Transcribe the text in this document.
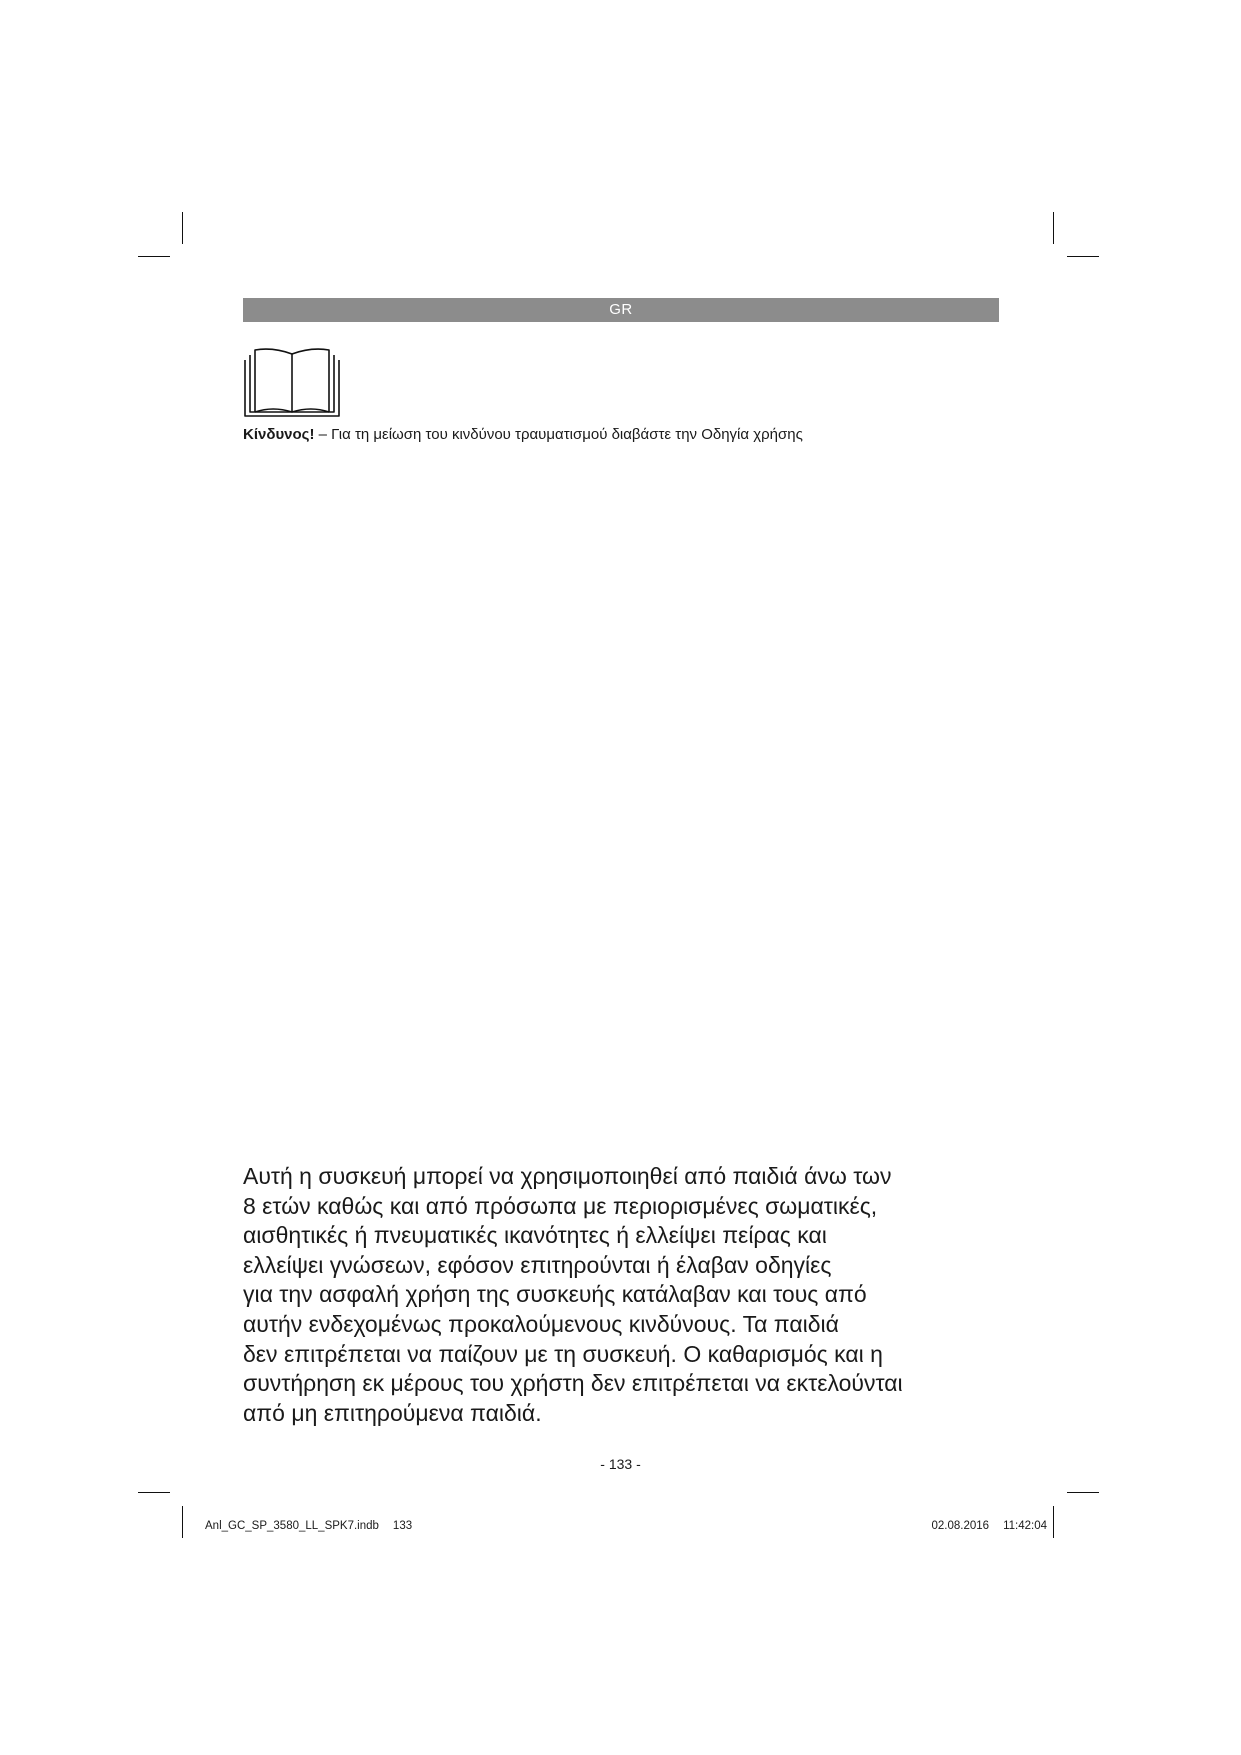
GR
Κίνδυνος! – Για τη μείωση του κινδύνου τραυματισμού διαβάστε την Οδηγία χρήσης
Αυτή η συσκευή μπορεί να χρησιμοποιηθεί από παιδιά άνω των
8 ετών καθώς και από πρόσωπα με περιορισμένες σωματικές,
αισθητικές ή πνευματικές ικανότητες ή ελλείψει πείρας και
ελλείψει γνώσεων, εφόσον επιτηρούνται ή έλαβαν οδηγίες
για την ασφαλή χρήση της συσκευής κατάλαβαν και τους από
αυτήν ενδεχομένως προκαλούμενους κινδύνους. Τα παιδιά
δεν επιτρέπεται να παίζουν με τη συσκευή. Ο καθαρισμός και η
συντήρηση εκ μέρους του χρήστη δεν επιτρέπεται να εκτελούνται
από μη επιτηρούμενα παιδιά.
- 133 -
Anl_GC_SP_3580_LL_SPK7.indb 133	02.08.2016 11:42:04
